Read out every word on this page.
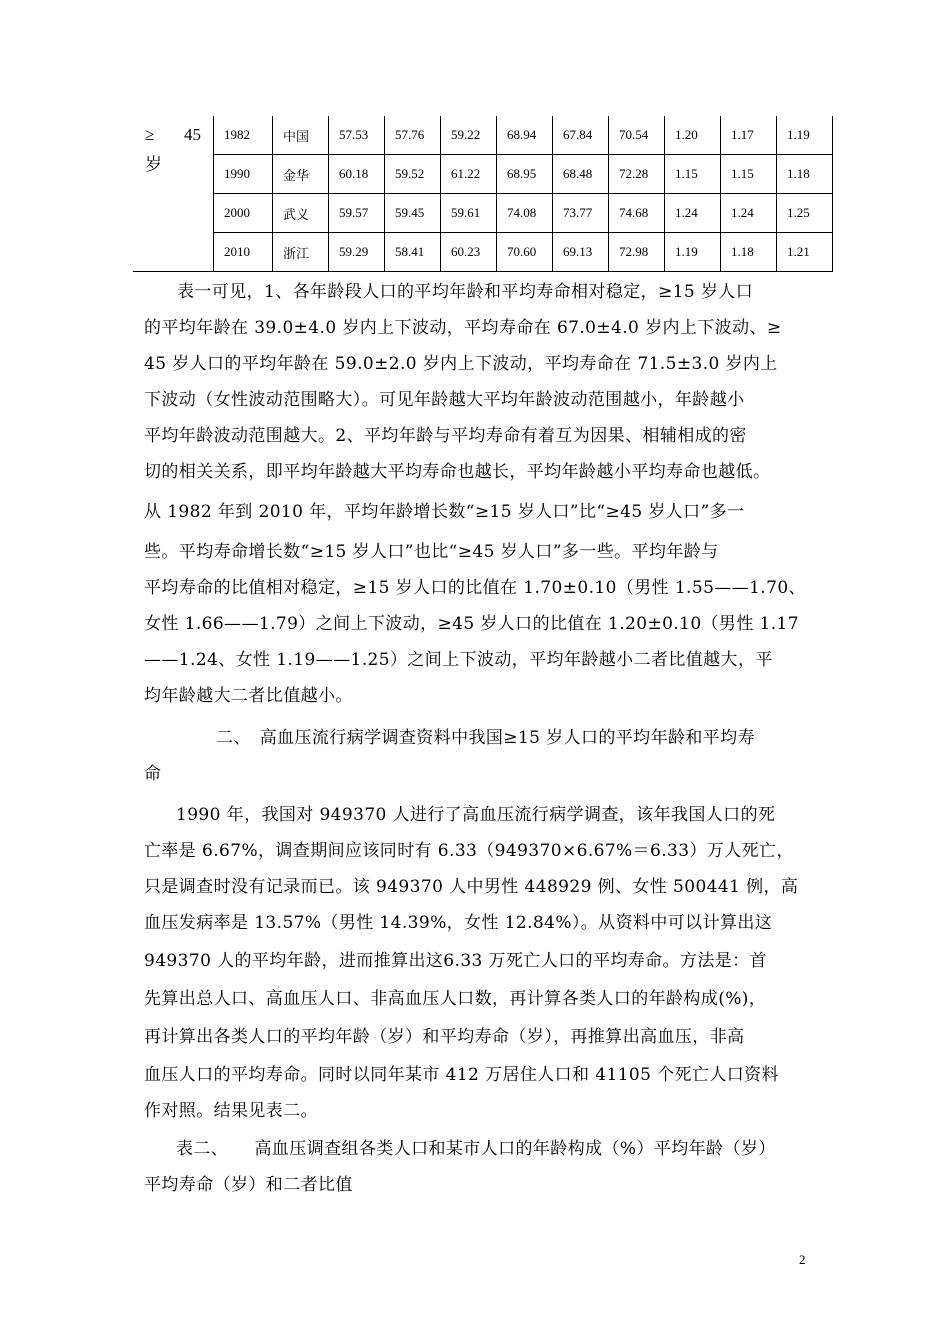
≥ 45
岁	1982	中国	57.53	57.76	59.22	68.94	67.84	70.54	1.20	1.17	1.19
	1990	金华	60.18	59.52	61.22	68.95	68.48	72.28	1.15	1.15	1.18
	2000	武义	59.57	59.45	59.61	74.08	73.77	74.68	1.24	1.24	1.25
	2010	浙江	59.29	58.41	60.23	70.60	69.13	72.98	1.19	1.18	1.21
表一可见，1、各年龄段人口的平均年龄和平均寿命相对稳定，≥15 岁人口
的平均年龄在 39.0±4.0 岁内上下波动，平均寿命在 67.0±4.0 岁内上下波动、≥
45 岁人口的平均年龄在 59.0±2.0 岁内上下波动，平均寿命在 71.5±3.0 岁内上
下波动（女性波动范围略大）。可见年龄越大平均年龄波动范围越小，年龄越小
平均年龄波动范围越大。2、平均年龄与平均寿命有着互为因果、相辅相成的密
切的相关关系，即平均年龄越大平均寿命也越长，平均年龄越小平均寿命也越低。
从 1982 年到 2010 年，平均年龄增长数“≥15 岁人口”比“≥45 岁人口”多一
些。平均寿命增长数“≥15 岁人口”也比“≥45 岁人口”多一些。平均年龄与
平均寿命的比值相对稳定，≥15 岁人口的比值在 1.70±0.10（男性 1.55——1.70、
女性 1.66——1.79）之间上下波动，≥45 岁人口的比值在 1.20±0.10（男性 1.17
——1.24、女性 1.19——1.25）之间上下波动，平均年龄越小二者比值越大，平
均年龄越大二者比值越小。
二、　高血压流行病学调查资料中我国≥15 岁人口的平均年龄和平均寿
命
1990 年，我国对 949370 人进行了高血压流行病学调查，该年我国人口的死
亡率是 6.67%，调查期间应该同时有 6.33（949370×6.67%＝6.33）万人死亡，
只是调查时没有记录而已。该 949370 人中男性 448929 例、女性 500441 例，高
血压发病率是 13.57%（男性 14.39%，女性 12.84%）。从资料中可以计算出这
949370 人的平均年龄，进而推算出这6.33 万死亡人口的平均寿命。方法是：首
先算出总人口、高血压人口、非高血压人口数，再计算各类人口的年龄构成(%)，
再计算出各类人口的平均年龄（岁）和平均寿命（岁），再推算出高血压，非高
血压人口的平均寿命。同时以同年某市 412 万居住人口和 41105 个死亡人口资料
作对照。结果见表二。
表二、　　高血压调查组各类人口和某市人口的年龄构成（%）平均年龄（岁）
平均寿命（岁）和二者比值
2
